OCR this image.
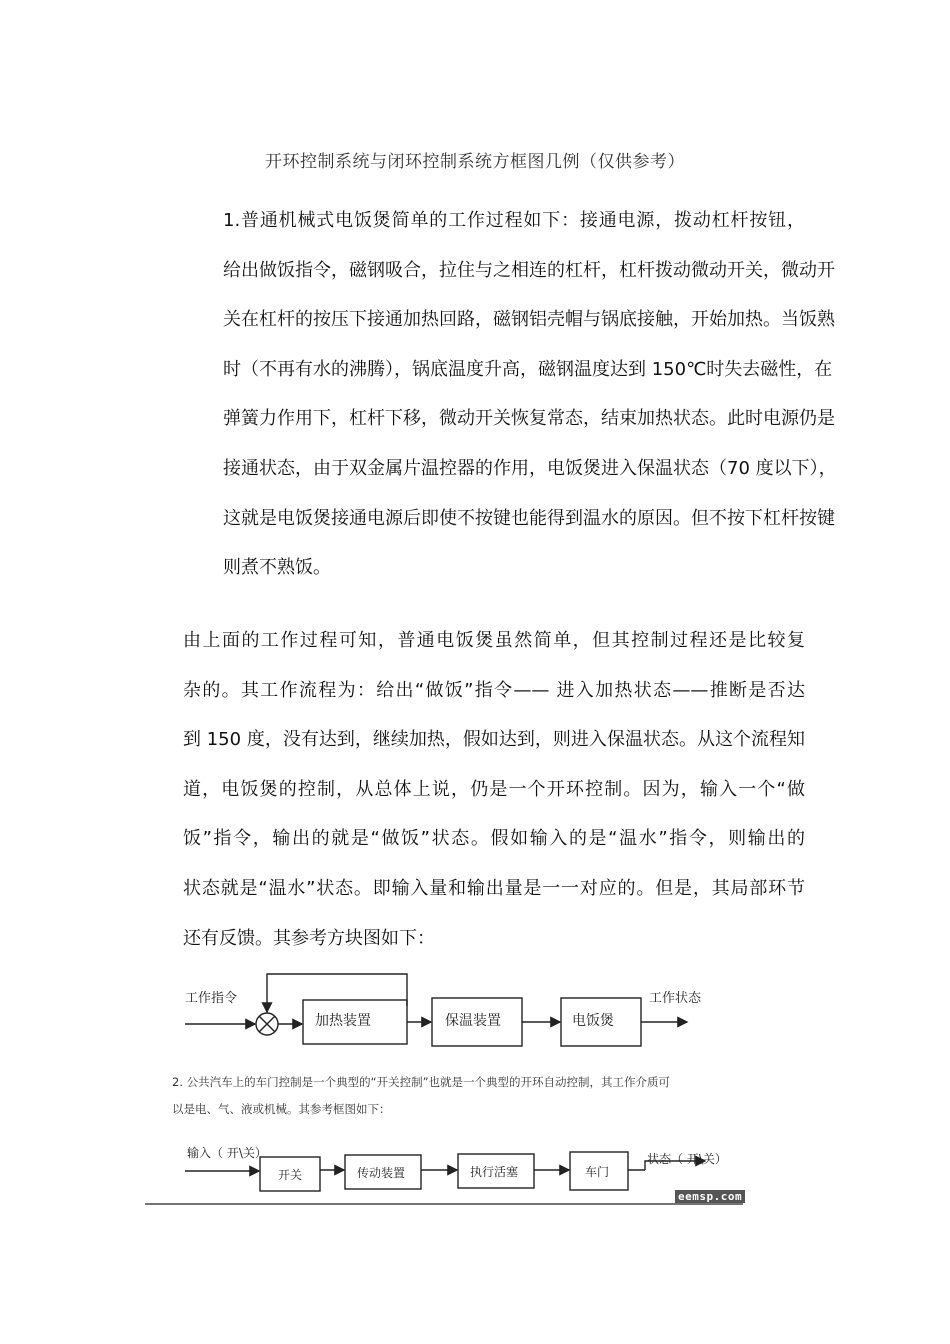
开环控制系统与闭环控制系统方框图几例（仅供参考）

1.普通机械式电饭煲简单的工作过程如下：接通电源，拨动杠杆按钮，
给出做饭指令，磁钢吸合，拉住与之相连的杠杆，杠杆拨动微动开关，微动开
关在杠杆的按压下接通加热回路，磁钢铝壳帽与锅底接触，开始加热。当饭熟
时（不再有水的沸腾），锅底温度升高，磁钢温度达到 150℃时失去磁性，在
弹簧力作用下，杠杆下移，微动开关恢复常态，结束加热状态。此时电源仍是
接通状态，由于双金属片温控器的作用，电饭煲进入保温状态（70 度以下），
这就是电饭煲接通电源后即使不按键也能得到温水的原因。但不按下杠杆按键
则煮不熟饭。

由上面的工作过程可知，普通电饭煲虽然简单，但其控制过程还是比较复
杂的。其工作流程为：给出“做饭”指令—— 进入加热状态——推断是否达
到 150 度，没有达到，继续加热，假如达到，则进入保温状态。从这个流程知
道，电饭煲的控制，从总体上说，仍是一个开环控制。因为，输入一个“做
饭”指令，输出的就是“做饭”状态。假如输入的是“温水”指令，则输出的
状态就是“温水”状态。即输入量和输出量是一一对应的。但是，其局部环节
还有反馈。其参考方块图如下：

工作指令	工作状态
加热装置	保温装置	电饭煲
2. 公共汽车上的车门控制是一个典型的“开关控制”也就是一个典型的开环自动控制，其工作介质可
以是电、气、液或机械。其参考框图如下：
输入（ 开\关）	状态（ 开\关）
开关	传动装置	执行活塞	车门
eemsp.com
